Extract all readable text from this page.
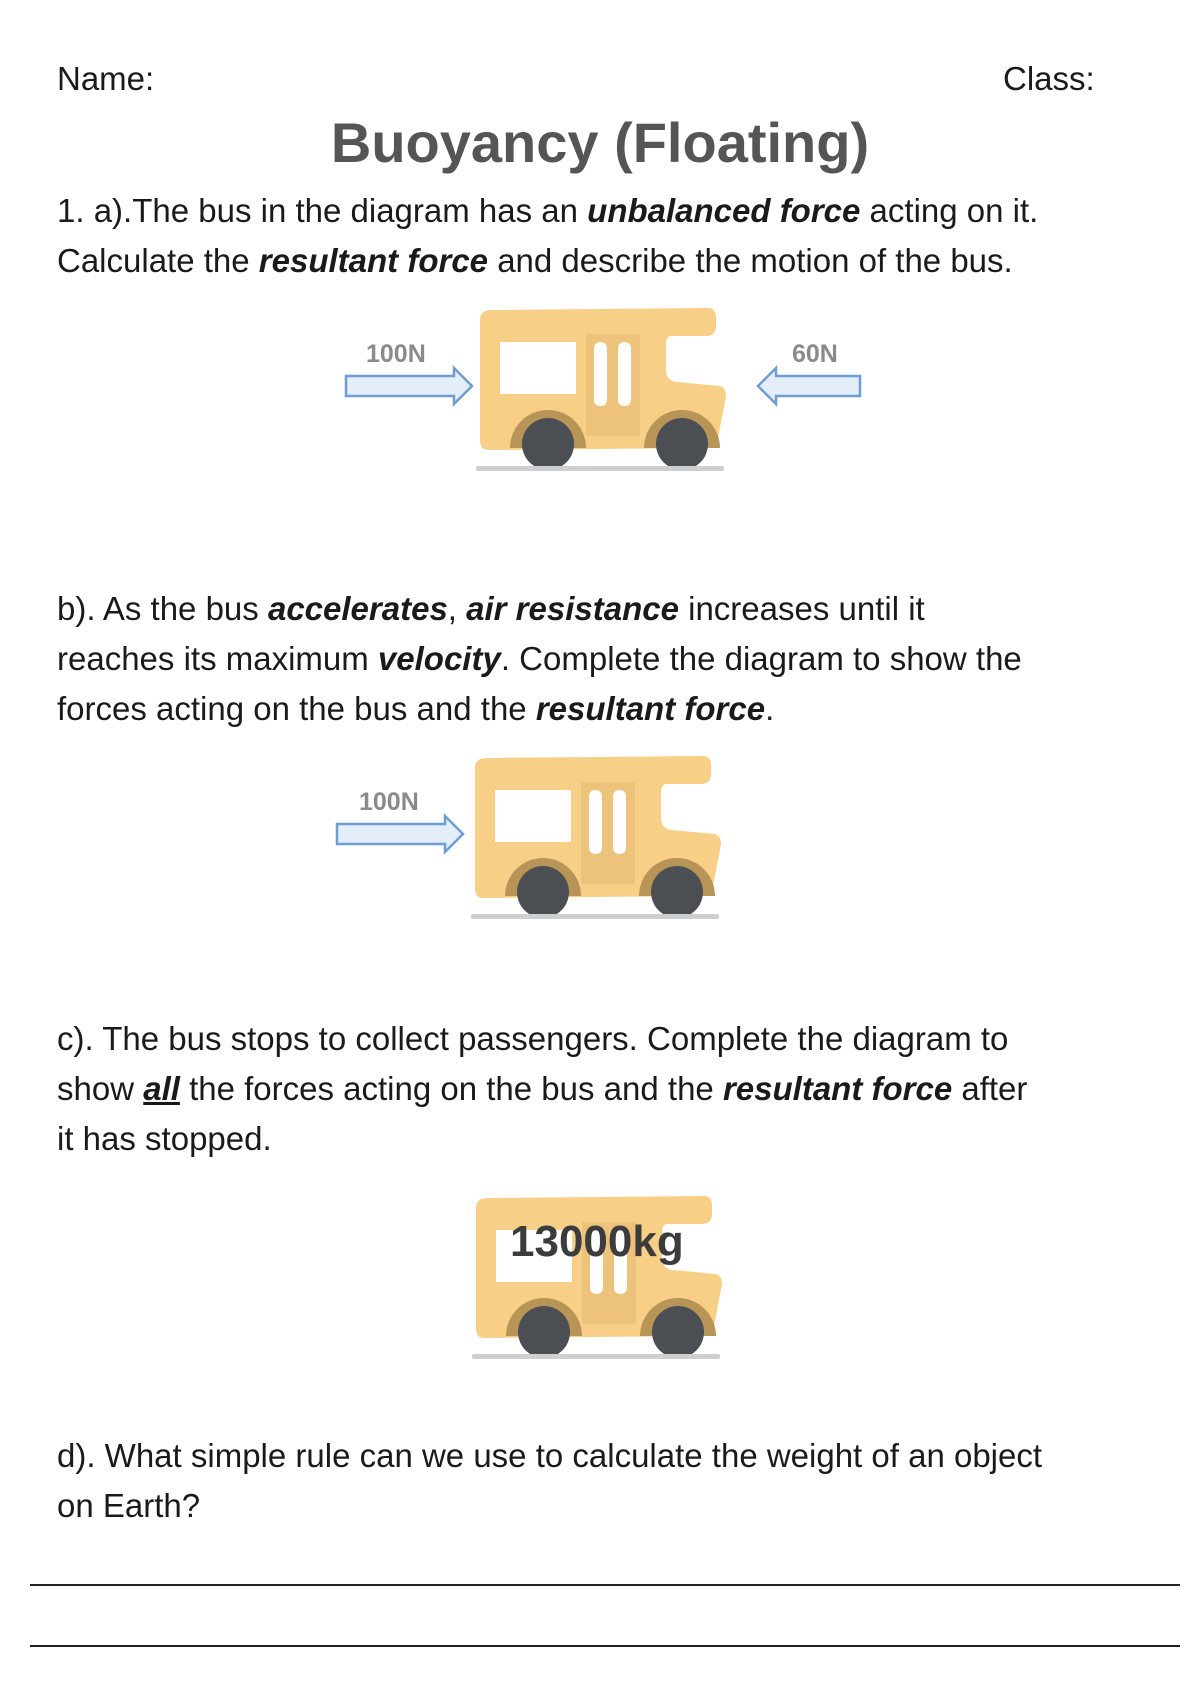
Name:	Class:
Buoyancy (Floating)
1. a).The bus in the diagram has an unbalanced force acting on it.
Calculate the resultant force and describe the motion of the bus.
100N	60N
b). As the bus accelerates, air resistance increases until it
reaches its maximum velocity. Complete the diagram to show the
forces acting on the bus and the resultant force.
100N
c). The bus stops to collect passengers. Complete the diagram to
show all the forces acting on the bus and the resultant force after
it has stopped.
13000kg
d). What simple rule can we use to calculate the weight of an object
on Earth?
